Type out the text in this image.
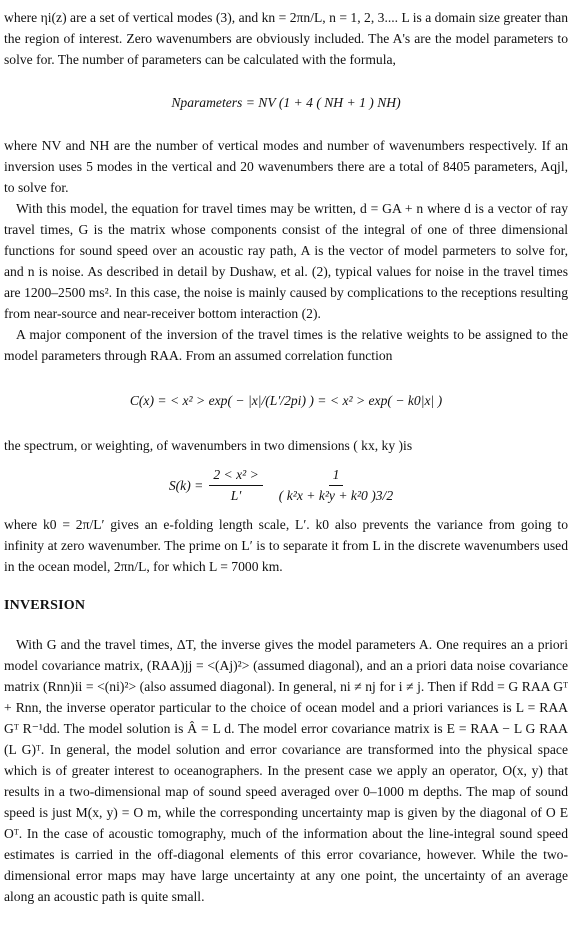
where ηi(z) are a set of vertical modes (3), and kn = 2πn/L, n = 1, 2, 3.... L is a domain size greater than the region of interest. Zero wavenumbers are obviously included. The A's are the model parameters to solve for. The number of parameters can be calculated with the formula,

Nparameters = NV (1 + 4 ( NH + 1 ) NH)

where NV and NH are the number of vertical modes and number of wavenumbers respectively. If an inversion uses 5 modes in the vertical and 20 wavenumbers there are a total of 8405 parameters, Aqjl, to solve for.

With this model, the equation for travel times may be written, d = GA + n where d is a vector of ray travel times, G is the matrix whose components consist of the integral of one of three dimensional functions for sound speed over an acoustic ray path, A is the vector of model parmeters to solve for, and n is noise. As described in detail by Dushaw, et al. (2), typical values for noise in the travel times are 1200–2500 ms². In this case, the noise is mainly caused by complications to the receptions resulting from near-source and near-receiver bottom interaction (2).

A major component of the inversion of the travel times is the relative weights to be assigned to the model parameters through RAA. From an assumed correlation function

C(x) = < x² > exp( − |x|/(L′/2pi) ) = < x² > exp( − k0|x| )

the spectrum, or weighting, of wavenumbers in two dimensions ( kx, ky )is

$S(k) = \frac{\text{2 < x² >}}{L'} \frac{1}{\text{( k²x + k²y + k²0 )3/2}}$

where k0 = 2π/L′ gives an e-folding length scale, L′. k0 also prevents the variance from going to infinity at zero wavenumber. The prime on L′ is to separate it from L in the discrete wavenumbers used in the ocean model, 2πn/L, for which L = 7000 km.

INVERSION

With G and the travel times, ΔT, the inverse gives the model parameters A. One requires an a priori model covariance matrix, (RAA)jj = <(Aj)²> (assumed diagonal), and an a priori data noise covariance matrix (Rnn)ii = <(ni)²> (also assumed diagonal). In general, ni ≠ nj for i ≠ j. Then if Rdd = G RAA Gᵀ + Rnn, the inverse operator particular to the choice of ocean model and a priori variances is L = RAA Gᵀ R⁻¹dd. The model solution is Â = L d. The model error covariance matrix is E = RAA − L G RAA (L G)ᵀ. In general, the model solution and error covariance are transformed into the physical space which is of greater interest to oceanographers. In the present case we apply an operator, O(x, y) that results in a two-dimensional map of sound speed averaged over 0–1000 m depths. The map of sound speed is just M(x, y) = O m, while the corresponding uncertainty map is given by the diagonal of O E Oᵀ. In the case of acoustic tomography, much of the information about the line-integral sound speed estimates is carried in the off-diagonal elements of this error covariance, however. While the two-dimensional error maps may have large uncertainty at any one point, the uncertainty of an average along an acoustic path is quite small.
